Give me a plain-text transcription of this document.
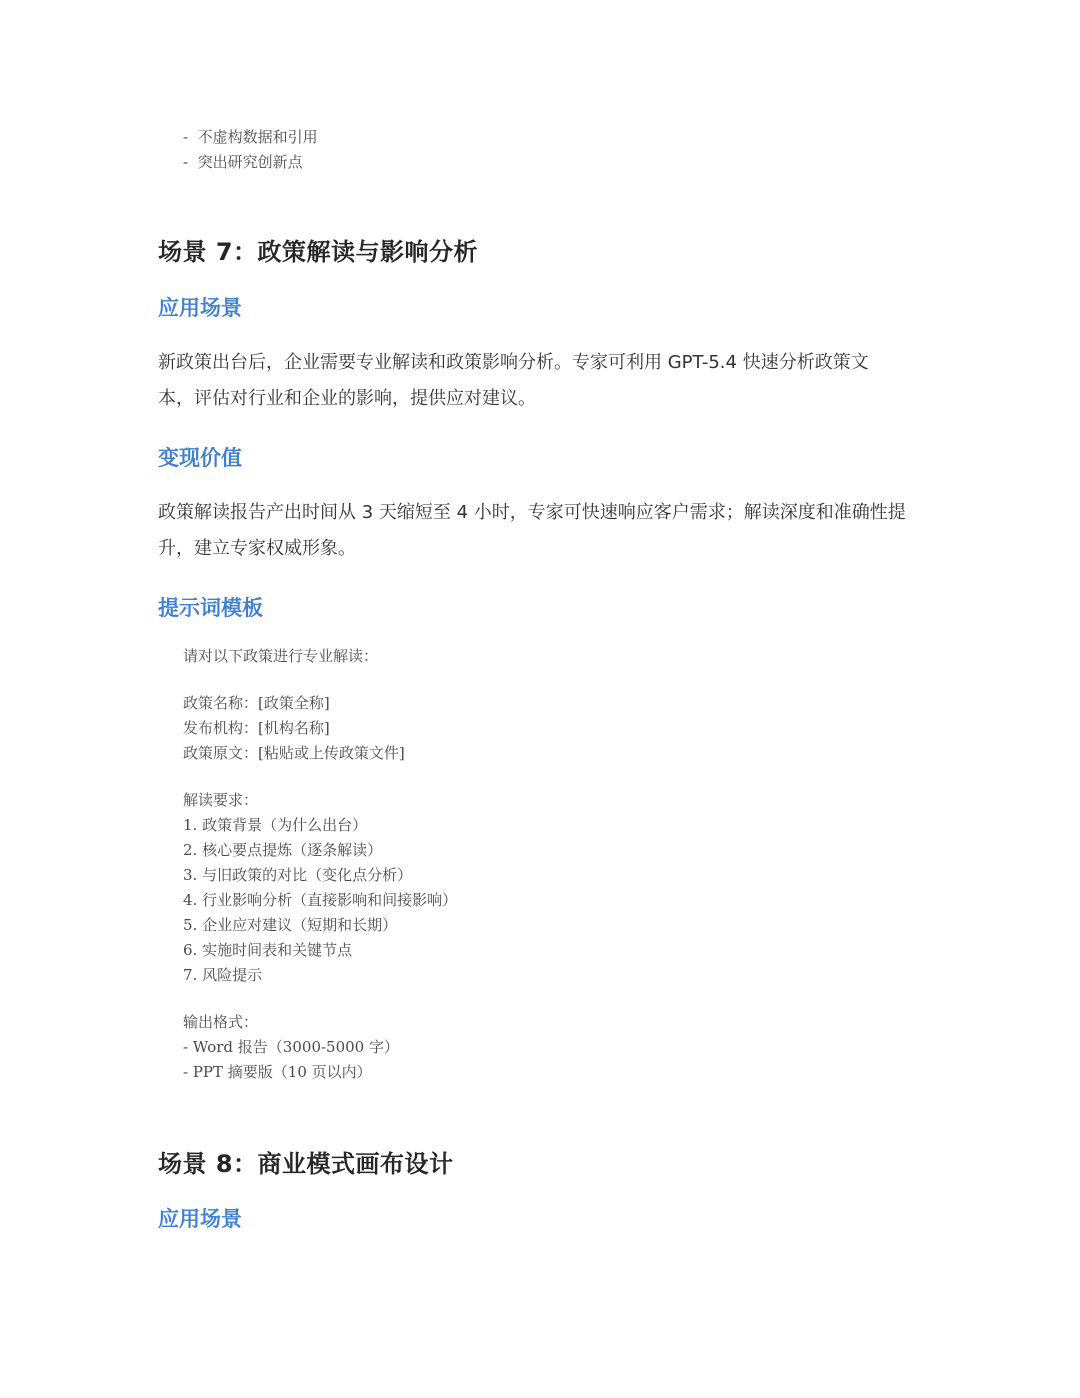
-  不虚构数据和引用
-  突出研究创新点
场景 7：政策解读与影响分析
应用场景
新政策出台后，企业需要专业解读和政策影响分析。专家可利用 GPT-5.4 快速分析政策文
本，评估对行业和企业的影响，提供应对建议。
变现价值
政策解读报告产出时间从 3 天缩短至 4 小时，专家可快速响应客户需求；解读深度和准确性提
升，建立专家权威形象。
提示词模板
请对以下政策进行专业解读：
政策名称：[政策全称]
发布机构：[机构名称]
政策原文：[粘贴或上传政策文件]
解读要求：
1. 政策背景（为什么出台）
2. 核心要点提炼（逐条解读）
3. 与旧政策的对比（变化点分析）
4. 行业影响分析（直接影响和间接影响）
5. 企业应对建议（短期和长期）
6. 实施时间表和关键节点
7. 风险提示
输出格式：
- Word 报告（3000-5000 字）
- PPT 摘要版（10 页以内）
场景 8：商业模式画布设计
应用场景
